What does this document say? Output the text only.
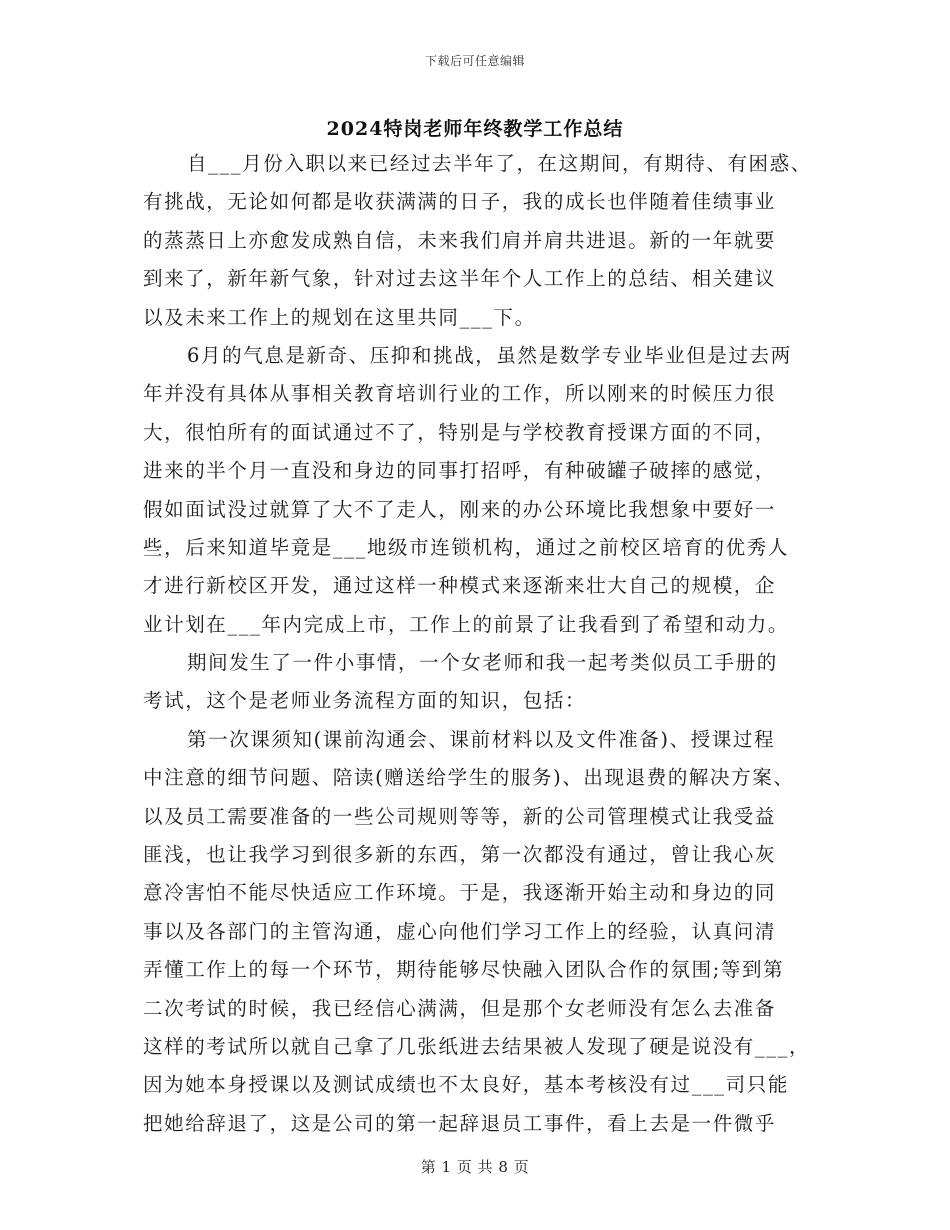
下载后可任意编辑
2024特岗老师年终教学工作总结
自___月份入职以来已经过去半年了，在这期间，有期待、有困惑、
有挑战，无论如何都是收获满满的日子，我的成长也伴随着佳绩事业
的蒸蒸日上亦愈发成熟自信，未来我们肩并肩共进退。新的一年就要
到来了，新年新气象，针对过去这半年个人工作上的总结、相关建议
以及未来工作上的规划在这里共同___下。
6月的气息是新奇、压抑和挑战，虽然是数学专业毕业但是过去两
年并没有具体从事相关教育培训行业的工作，所以刚来的时候压力很
大，很怕所有的面试通过不了，特别是与学校教育授课方面的不同，
进来的半个月一直没和身边的同事打招呼，有种破罐子破摔的感觉，
假如面试没过就算了大不了走人，刚来的办公环境比我想象中要好一
些，后来知道毕竟是___地级市连锁机构，通过之前校区培育的优秀人
才进行新校区开发，通过这样一种模式来逐渐来壮大自己的规模，企
业计划在___年内完成上市，工作上的前景了让我看到了希望和动力。
期间发生了一件小事情，一个女老师和我一起考类似员工手册的
考试，这个是老师业务流程方面的知识，包括：
第一次课须知(课前沟通会、课前材料以及文件准备)、授课过程
中注意的细节问题、陪读(赠送给学生的服务)、出现退费的解决方案、
以及员工需要准备的一些公司规则等等，新的公司管理模式让我受益
匪浅，也让我学习到很多新的东西，第一次都没有通过，曾让我心灰
意冷害怕不能尽快适应工作环境。于是，我逐渐开始主动和身边的同
事以及各部门的主管沟通，虚心向他们学习工作上的经验，认真问清
弄懂工作上的每一个环节，期待能够尽快融入团队合作的氛围;等到第
二次考试的时候，我已经信心满满，但是那个女老师没有怎么去准备
这样的考试所以就自己拿了几张纸进去结果被人发现了硬是说没有___，
因为她本身授课以及测试成绩也不太良好，基本考核没有过___司只能
把她给辞退了，这是公司的第一起辞退员工事件，看上去是一件微乎
第 1 页 共 8 页
